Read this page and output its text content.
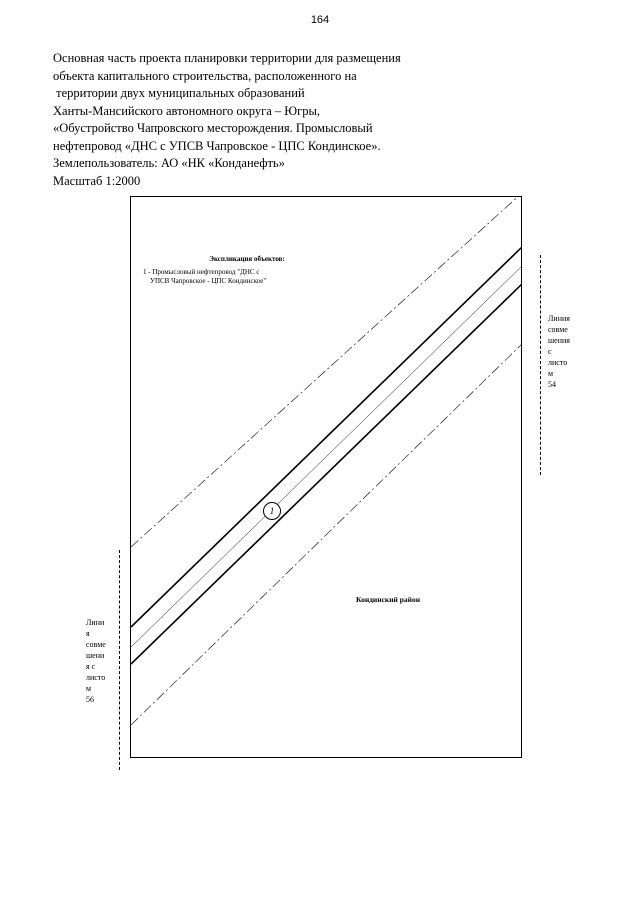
164
Основная часть проекта планировки территории для размещения
объекта капитального строительства, расположенного на
территории двух муниципальных образований
Ханты-Мансийского автономного округа – Югры,
«Обустройство Чапровского месторождения. Промысловый
нефтепровод «ДНС с УПСВ Чапровское - ЦПС Кондинское».
Землепользователь: АО «НК «Конданефть»
Масштаб 1:2000
Экспликация объектов:
1 - Промысловый нефтепровод "ДНС с
УПСВ Чапровское - ЦПС Кондинское"
1
Кондинский район
Линия
совме
шения
с
листо
м
54
Лини
я
совме
шени
я с
листо
м
56
